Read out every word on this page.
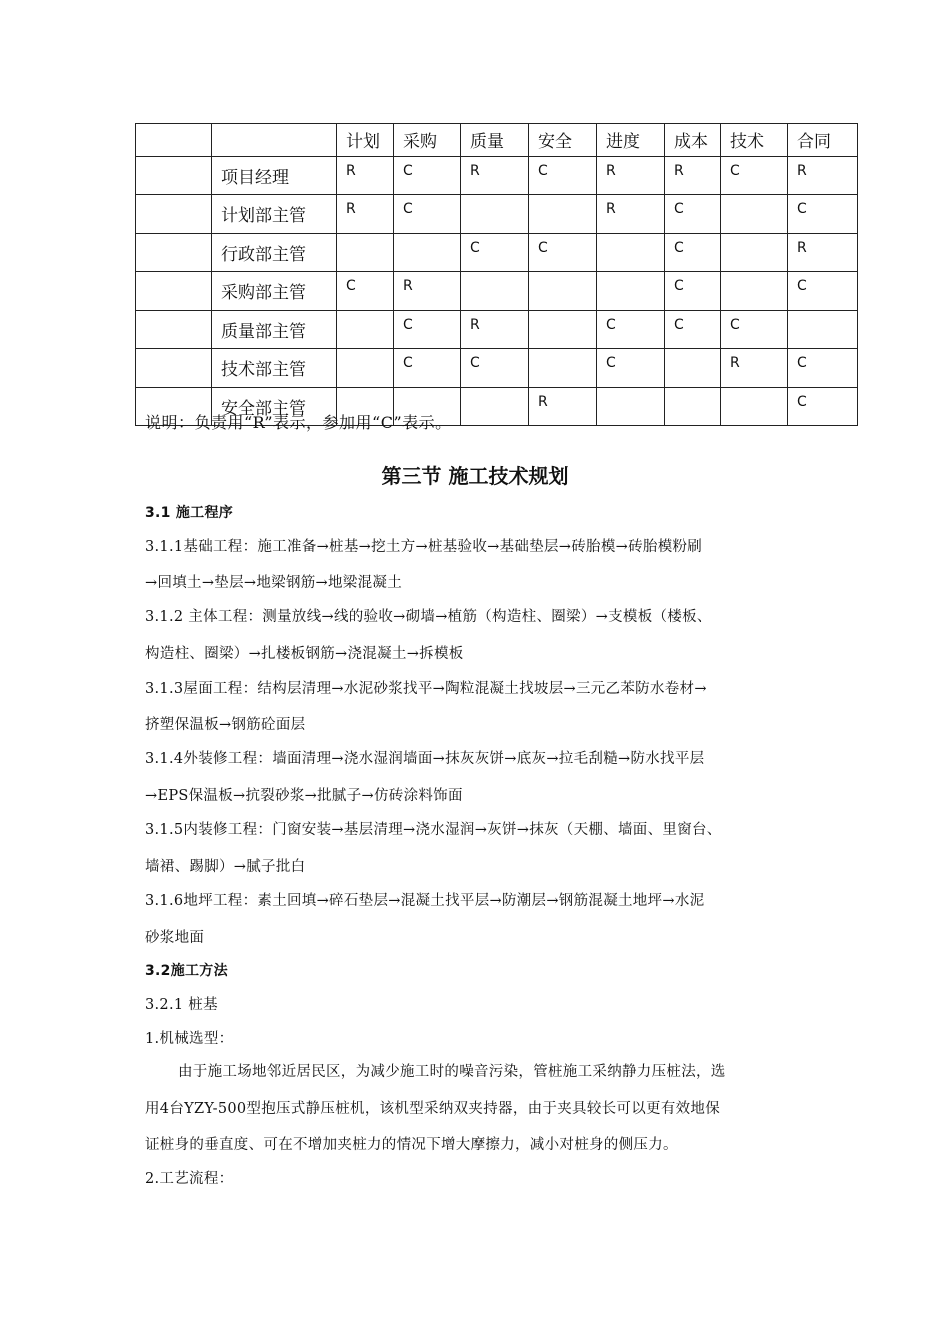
		计划	采购	质量	安全	进度	成本	技术	合同
	项目经理	R	C	R	C	R	R	C	R
	计划部主管	R	C			R	C		C
	行政部主管			C	C		C		R
	采购部主管	C	R				C		C
	质量部主管		C	R		C	C	C	
	技术部主管		C	C		C		R	C
	安全部主管				R				C
说明：负责用“R”表示，参加用“C”表示。
第三节 施工技术规划
3.1 施工程序
3.1.1基础工程：施工准备→桩基→挖土方→桩基验收→基础垫层→砖胎模→砖胎模粉刷
→回填土→垫层→地梁钢筋→地梁混凝土
3.1.2 主体工程：测量放线→线的验收→砌墙→植筋（构造柱、圈梁）→支模板（楼板、
构造柱、圈梁）→扎楼板钢筋→浇混凝土→拆模板
3.1.3屋面工程：结构层清理→水泥砂浆找平→陶粒混凝土找坡层→三元乙苯防水卷材→
挤塑保温板→钢筋砼面层
3.1.4外装修工程：墙面清理→浇水湿润墙面→抹灰灰饼→底灰→拉毛刮糙→防水找平层
→EPS保温板→抗裂砂浆→批腻子→仿砖涂料饰面
3.1.5内装修工程：门窗安装→基层清理→浇水湿润→灰饼→抹灰（天棚、墙面、里窗台、
墙裙、踢脚）→腻子批白
3.1.6地坪工程：素土回填→碎石垫层→混凝土找平层→防潮层→钢筋混凝土地坪→水泥
砂浆地面
3.2施工方法
3.2.1 桩基
1.机械选型：
由于施工场地邻近居民区，为减少施工时的噪音污染，管桩施工采纳静力压桩法，选
用4台YZY-500型抱压式静压桩机，该机型采纳双夹持器，由于夹具较长可以更有效地保
证桩身的垂直度、可在不增加夹桩力的情况下增大摩擦力，减小对桩身的侧压力。
2.工艺流程：
